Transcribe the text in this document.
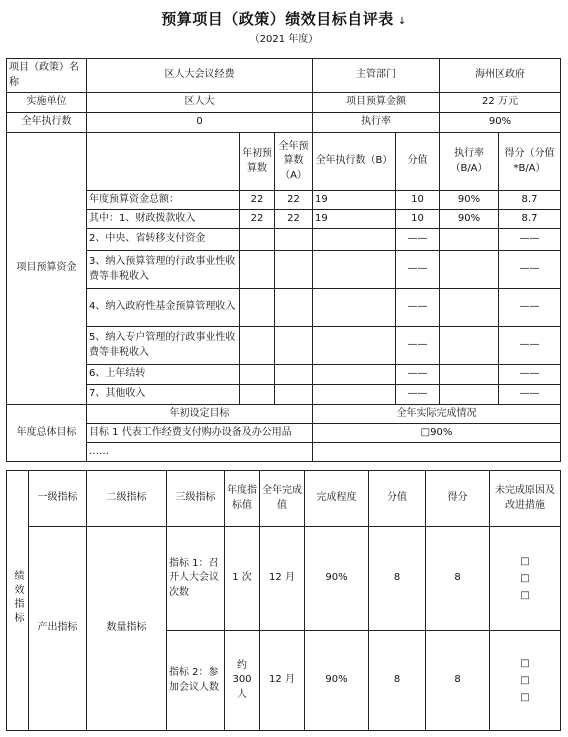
预算项目（政策）绩效目标自评表 ↓
（2021 年度）
项目（政策）名称	区人大会议经费			主管部门		海州区政府	
实施单位	区人大			项目预算金额		22 万元	
全年执行数	0			执行率		90%	
项目预算资金		年初预算数	全年预算数（A）	全年执行数（B）	分值	执行率（B/A）	得分（分值*B/A）
	年度预算资金总额：	22	22	19	10	90%	8.7
	其中：1、财政拨款收入	22	22	19	10	90%	8.7
	2、中央、省转移支付资金				——		——
	3、纳入预算管理的行政事业性收费等非税收入				——		——
	4、纳入政府性基金预算管理收入				——		——
	5、纳入专户管理的行政事业性收费等非税收入				——		——
	6、上年结转				——		——
	7、其他收入				——		——
年度总体目标	年初设定目标			全年实际完成情况			
	目标 1 代表工作经费支付购办设备及办公用品			□90%			
	……						
绩效指标	一级指标	二级指标	三级指标	年度指标值	全年完成值	完成程度	分值	得分	未完成原因及改进措施
	产出指标	数量指标	指标 1：召开人大会议次数	1 次	12 月	90%	8	8	□
□
□

			指标 2：参加会议人数	约 300 人	12 月	90%	8	8	□
□
□
